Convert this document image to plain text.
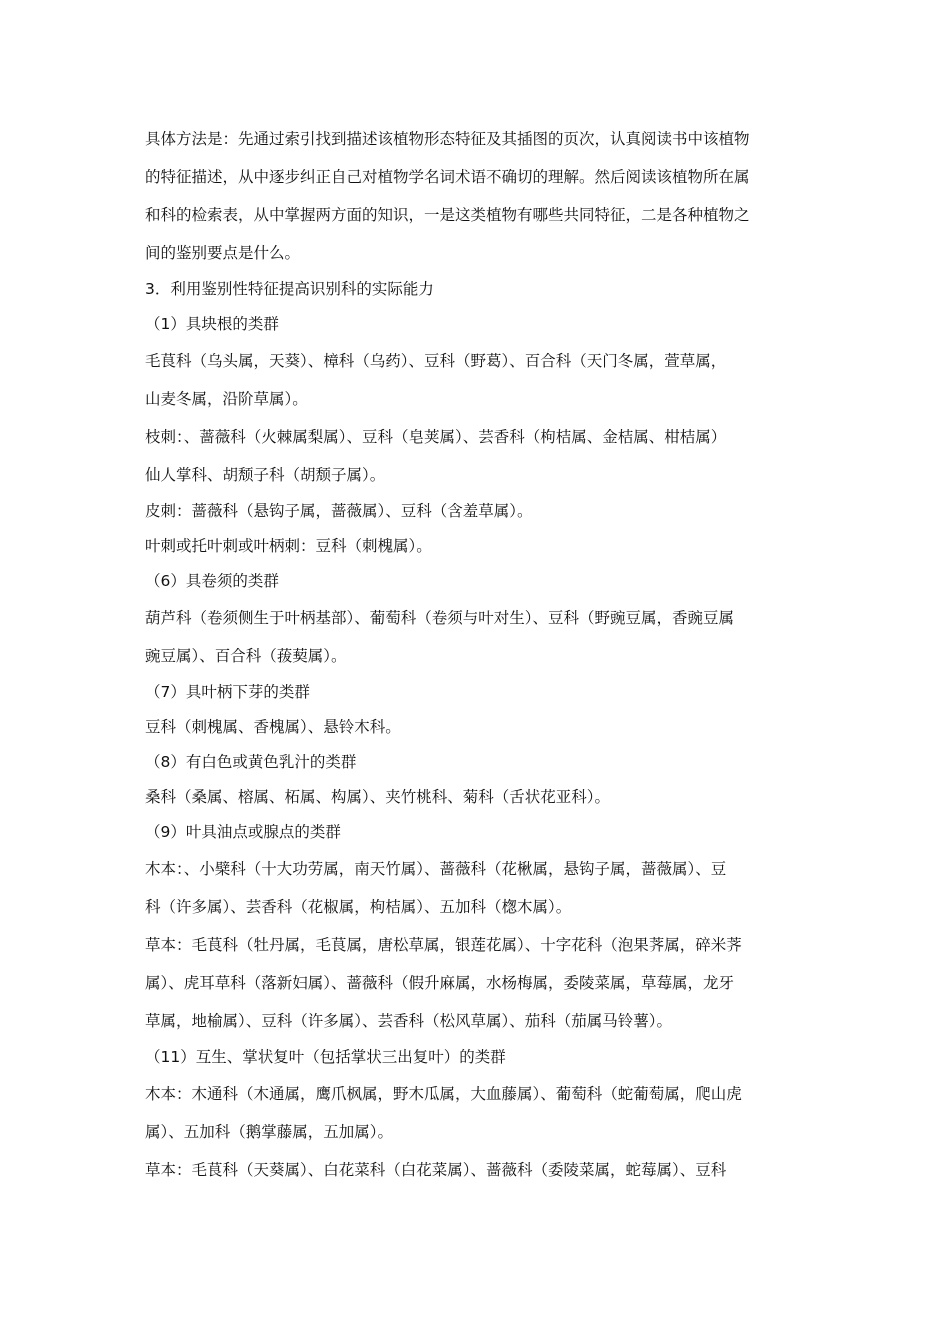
具体方法是：先通过索引找到描述该植物形态特征及其插图的页次，认真阅读书中该植物
的特征描述，从中逐步纠正自己对植物学名词术语不确切的理解。然后阅读该植物所在属
和科的检索表，从中掌握两方面的知识，一是这类植物有哪些共同特征，二是各种植物之
间的鉴别要点是什么。
3．利用鉴别性特征提高识别科的实际能力
（1）具块根的类群
毛茛科（乌头属，天葵）、樟科（乌药）、豆科（野葛）、百合科（天门冬属，萱草属，
山麦冬属，沿阶草属）。
枝刺：、蔷薇科（火棘属梨属）、豆科（皂荚属）、芸香科（枸桔属、金桔属、柑桔属）
仙人掌科、胡颓子科（胡颓子属）。
皮刺：蔷薇科（悬钩子属，蔷薇属）、豆科（含羞草属）。
叶刺或托叶刺或叶柄刺：豆科（刺槐属）。
（6）具卷须的类群
葫芦科（卷须侧生于叶柄基部）、葡萄科（卷须与叶对生）、豆科（野豌豆属，香豌豆属
豌豆属）、百合科（菝葜属）。
（7）具叶柄下芽的类群
豆科（刺槐属、香槐属）、悬铃木科。
（8）有白色或黄色乳汁的类群
桑科（桑属、榕属、柘属、构属）、夹竹桃科、菊科（舌状花亚科）。
（9）叶具油点或腺点的类群
木本：、小檗科（十大功劳属，南天竹属）、蔷薇科（花楸属，悬钩子属，蔷薇属）、豆
科（许多属）、芸香科（花椒属，枸桔属）、五加科（楤木属）。
草本：毛茛科（牡丹属，毛茛属，唐松草属，银莲花属）、十字花科（泡果荠属，碎米荠
属）、虎耳草科（落新妇属）、蔷薇科（假升麻属，水杨梅属，委陵菜属，草莓属，龙牙
草属，地榆属）、豆科（许多属）、芸香科（松风草属）、茄科（茄属马铃薯）。
（11）互生、掌状复叶（包括掌状三出复叶）的类群
木本：木通科（木通属，鹰爪枫属，野木瓜属，大血藤属）、葡萄科（蛇葡萄属，爬山虎
属）、五加科（鹅掌藤属，五加属）。
草本：毛茛科（天葵属）、白花菜科（白花菜属）、蔷薇科（委陵菜属，蛇莓属）、豆科
